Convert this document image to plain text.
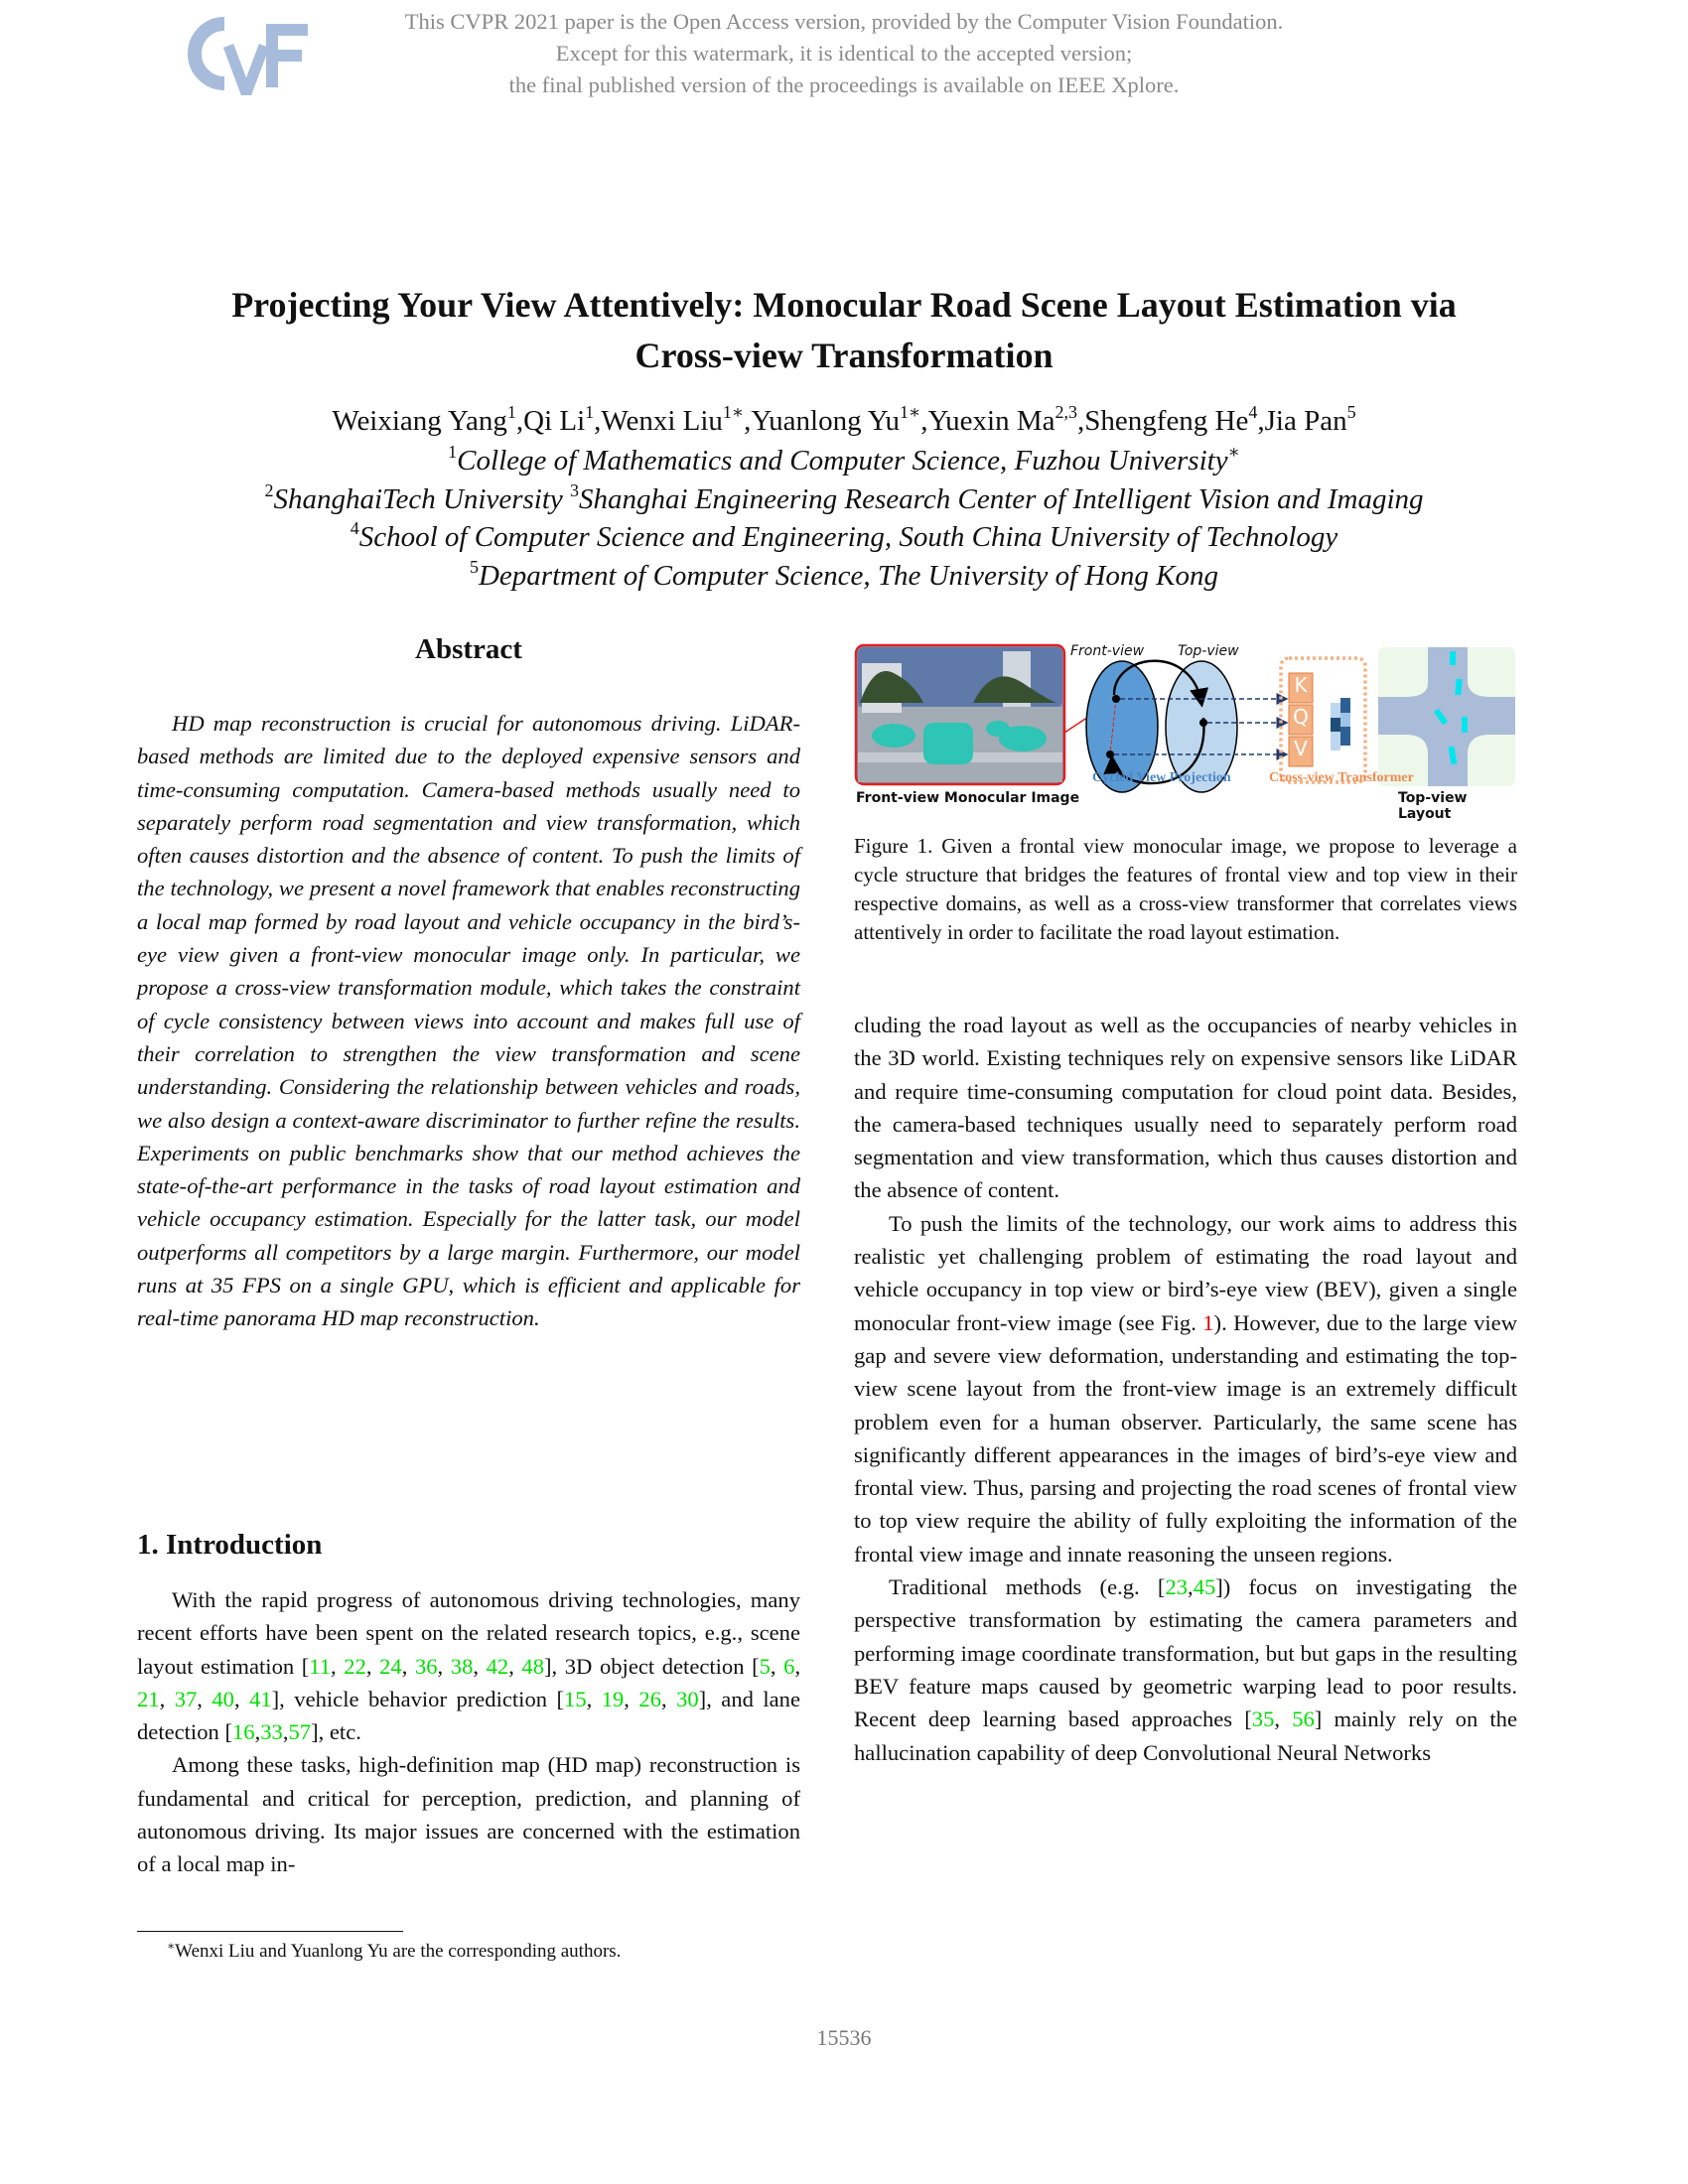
This CVPR 2021 paper is the Open Access version, provided by the Computer Vision Foundation.
Except for this watermark, it is identical to the accepted version;
the final published version of the proceedings is available on IEEE Xplore.
Projecting Your View Attentively: Monocular Road Scene Layout Estimation via
Cross-view Transformation
Weixiang Yang$^1$,Qi Li$^1$,Wenxi Liu$^{1∗}$,Yuanlong $Yu^{1∗},Yuexin$ Ma$^{2,3}$,Shengfeng He$^4$,Jia Pan$^5$
$^1$College of Mathematics and Computer Science, Fuzhou University∗
$^2$ShanghaiTech University $^3$Shanghai Engineering Research Center of Intelligent Vision and Imaging
$^4$School of Computer Science and Engineering, South China University of Technology
$^5$Department of Computer Science, The University of Hong Kong
Abstract
HD map reconstruction is crucial for autonomous driving. LiDAR-based methods are limited due to the deployed expensive sensors and time-consuming computation. Camera-based methods usually need to separately perform road segmentation and view transformation, which often causes distortion and the absence of content. To push the limits of the technology, we present a novel framework that enables reconstructing a local map formed by road layout and vehicle occupancy in the bird’s-eye view given a front-view monocular image only. In particular, we propose a cross-view transformation module, which takes the constraint of cycle consistency between views into account and makes full use of their correlation to strengthen the view transformation and scene understanding. Considering the relationship between vehicles and roads, we also design a context-aware discriminator to further refine the results. Experiments on public benchmarks show that our method achieves the state-of-the-art performance in the tasks of road layout estimation and vehicle occupancy estimation. Especially for the latter task, our model outperforms all competitors by a large margin. Furthermore, our model runs at 35 FPS on a single GPU, which is efficient and applicable for real-time panorama HD map reconstruction.
1. Introduction

With the rapid progress of autonomous driving technologies, many recent efforts have been spent on the related research topics, e.g., scene layout estimation [11, 22, 24, 36, 38, 42, 48], 3D object detection [5, 6, 21, 37, 40, 41], vehicle behavior prediction [15, 19, 26, 30], and lane detection [16,33,57], etc.

Among these tasks, high-definition map (HD map) reconstruction is fundamental and critical for perception, prediction, and planning of autonomous driving. Its major issues are concerned with the estimation of a local map in-

∗Wenxi Liu and Yuanlong Yu are the corresponding authors.
Front-view Top-view
K
Q
V
Cycled View Projection	Cross-view Transformer
Front-view Monocular Image	Top-view Layout
Figure 1. Given a frontal view monocular image, we propose to leverage a cycle structure that bridges the features of frontal view and top view in their respective domains, as well as a cross-view transformer that correlates views attentively in order to facilitate the road layout estimation.

cluding the road layout as well as the occupancies of nearby vehicles in the 3D world. Existing techniques rely on expensive sensors like LiDAR and require time-consuming computation for cloud point data. Besides, the camera-based techniques usually need to separately perform road segmentation and view transformation, which thus causes distortion and the absence of content.

To push the limits of the technology, our work aims to address this realistic yet challenging problem of estimating the road layout and vehicle occupancy in top view or bird’s-eye view (BEV), given a single monocular front-view image (see Fig. 1). However, due to the large view gap and severe view deformation, understanding and estimating the top-view scene layout from the front-view image is an extremely difficult problem even for a human observer. Particularly, the same scene has significantly different appearances in the images of bird’s-eye view and frontal view. Thus, parsing and projecting the road scenes of frontal view to top view require the ability of fully exploiting the information of the frontal view image and innate reasoning the unseen regions.

Traditional methods (e.g. [23,45]) focus on investigating the perspective transformation by estimating the camera parameters and performing image coordinate transformation, but but gaps in the resulting BEV feature maps caused by geometric warping lead to poor results. Recent deep learning based approaches [35, 56] mainly rely on the hallucination capability of deep Convolutional Neural Networks

15536
